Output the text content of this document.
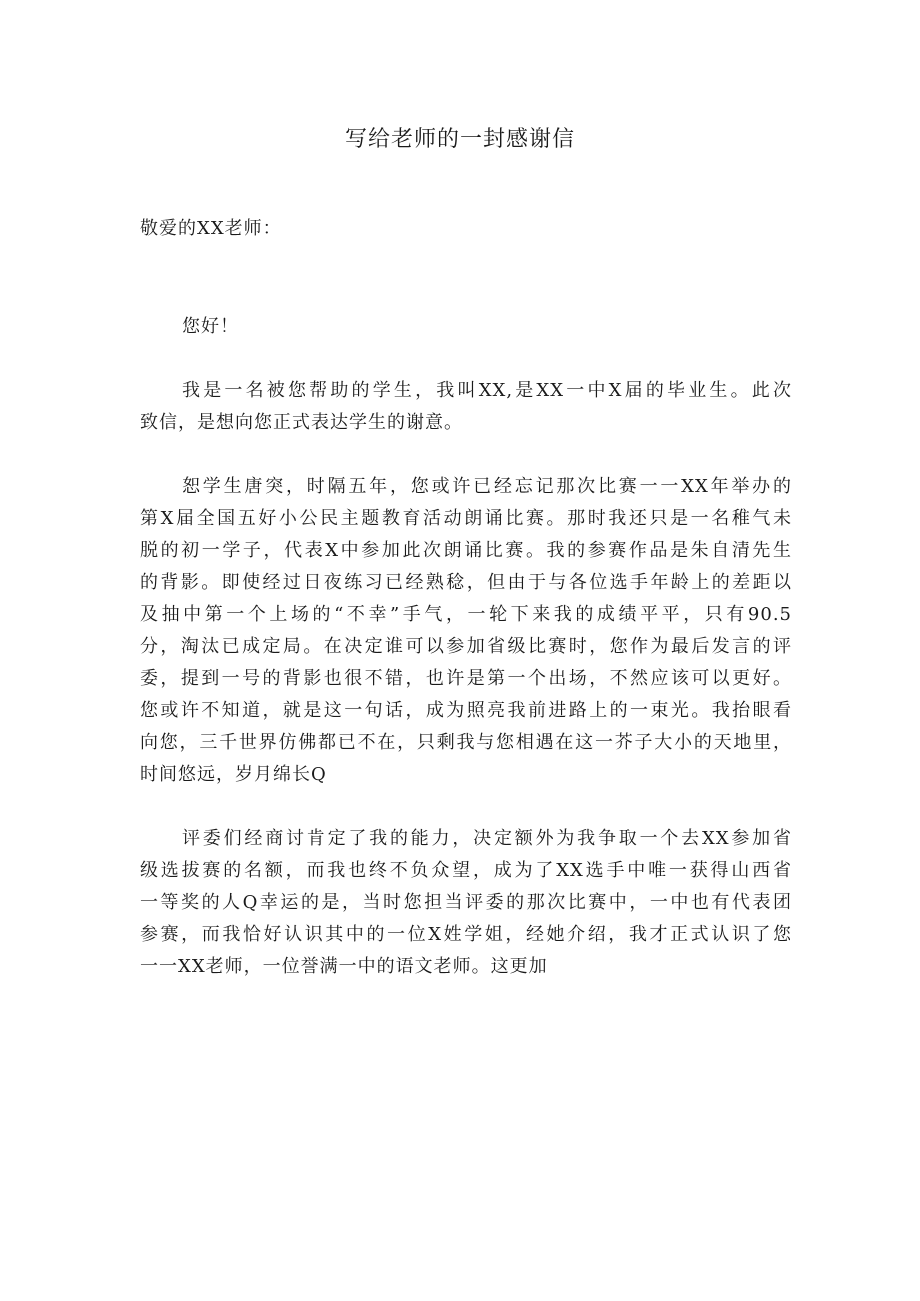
写给老师的一封感谢信
敬爱的XX老师：

您好！

我是一名被您帮助的学生，我叫XX,是XX一中X届的毕业生。此次
致信，是想向您正式表达学生的谢意。

恕学生唐突，时隔五年，您或许已经忘记那次比赛一一XX年举办的
第X届全国五好小公民主题教育活动朗诵比赛。那时我还只是一名稚气未
脱的初一学子，代表X中参加此次朗诵比赛。我的参赛作品是朱自清先生
的背影。即使经过日夜练习已经熟稔，但由于与各位选手年龄上的差距以
及抽中第一个上场的“不幸”手气，一轮下来我的成绩平平，只有90.5
分，淘汰已成定局。在决定谁可以参加省级比赛时，您作为最后发言的评
委，提到一号的背影也很不错，也许是第一个出场，不然应该可以更好。
您或许不知道，就是这一句话，成为照亮我前进路上的一束光。我抬眼看
向您，三千世界仿佛都已不在，只剩我与您相遇在这一芥子大小的天地里，
时间悠远，岁月绵长Q

评委们经商讨肯定了我的能力，决定额外为我争取一个去XX参加省
级选拔赛的名额，而我也终不负众望，成为了XX选手中唯一获得山西省
一等奖的人Q幸运的是，当时您担当评委的那次比赛中，一中也有代表团
参赛，而我恰好认识其中的一位X姓学姐，经她介绍，我才正式认识了您
一一XX老师，一位誉满一中的语文老师。这更加
